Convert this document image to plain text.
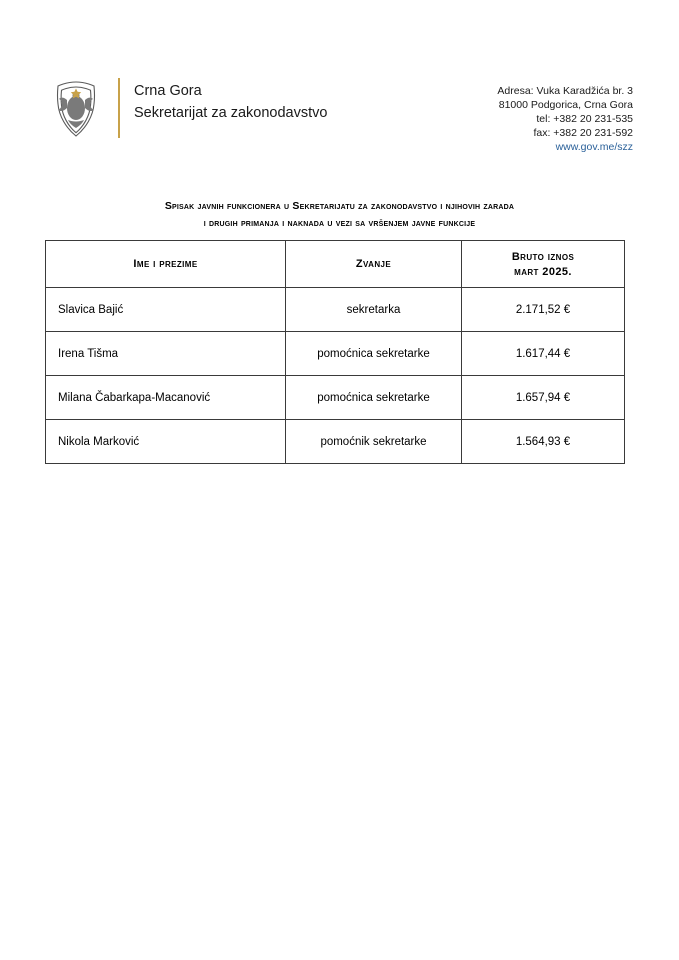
Crna Gora
Sekretarijat za zakonodavstvo
Adresa: Vuka Karadžića br. 3
81000 Podgorica, Crna Gora
tel: +382 20 231-535
fax: +382 20 231-592
www.gov.me/szz
Spisak javnih funkcionera u Sekretarijatu za zakonodavstvo i njihovih zarada
i drugih primanja i naknada u vezi sa vršenjem javne funkcije
Ime i prezime	Zvanje	Bruto iznos
mart 2025.

Slavica Bajić	sekretarka	2.171,52 €
Irena Tišma	pomoćnica sekretarke	1.617,44 €
Milana Čabarkapa-Macanović	pomoćnica sekretarke	1.657,94 €
Nikola Marković	pomoćnik sekretarke	1.564,93 €
